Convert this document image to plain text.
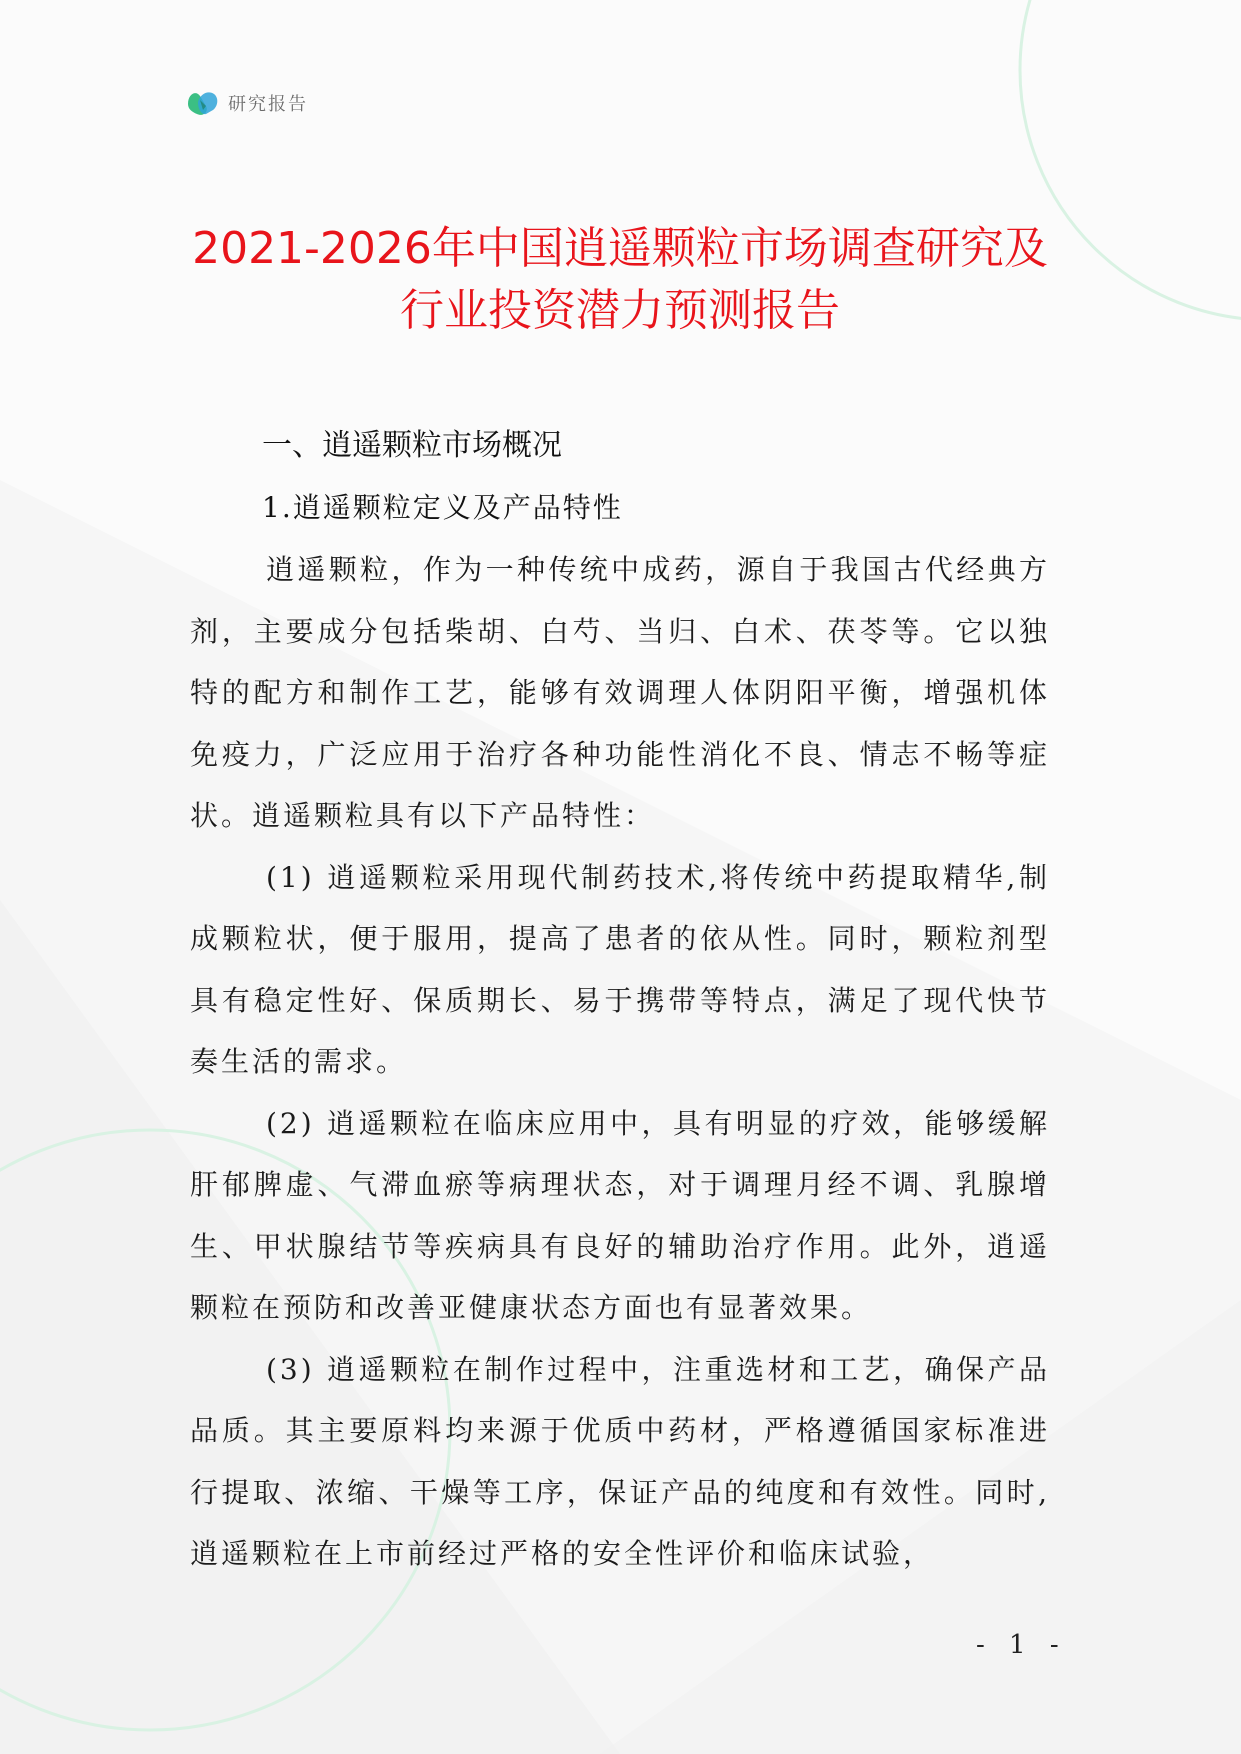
研究报告
2021-2026年中国逍遥颗粒市场调查研究及
行业投资潜力预测报告
一、逍遥颗粒市场概况
1.逍遥颗粒定义及产品特性

逍遥颗粒，作为一种传统中成药，源自于我国古代经典方剂，主要成分包括柴胡、白芍、当归、白术、茯苓等。它以独特的配方和制作工艺，能够有效调理人体阴阳平衡，增强机体免疫力，广泛应用于治疗各种功能性消化不良、情志不畅等症状。逍遥颗粒具有以下产品特性：

(1) 逍遥颗粒采用现代制药技术,将传统中药提取精华,制成颗粒状，便于服用，提高了患者的依从性。同时，颗粒剂型具有稳定性好、保质期长、易于携带等特点，满足了现代快节奏生活的需求。

(2) 逍遥颗粒在临床应用中，具有明显的疗效，能够缓解肝郁脾虚、气滞血瘀等病理状态，对于调理月经不调、乳腺增生、甲状腺结节等疾病具有良好的辅助治疗作用。此外，逍遥颗粒在预防和改善亚健康状态方面也有显著效果。

(3) 逍遥颗粒在制作过程中，注重选材和工艺，确保产品品质。其主要原料均来源于优质中药材，严格遵循国家标准进行提取、浓缩、干燥等工序，保证产品的纯度和有效性。同时,逍遥颗粒在上市前经过严格的安全性评价和临床试验，

- 1 -
